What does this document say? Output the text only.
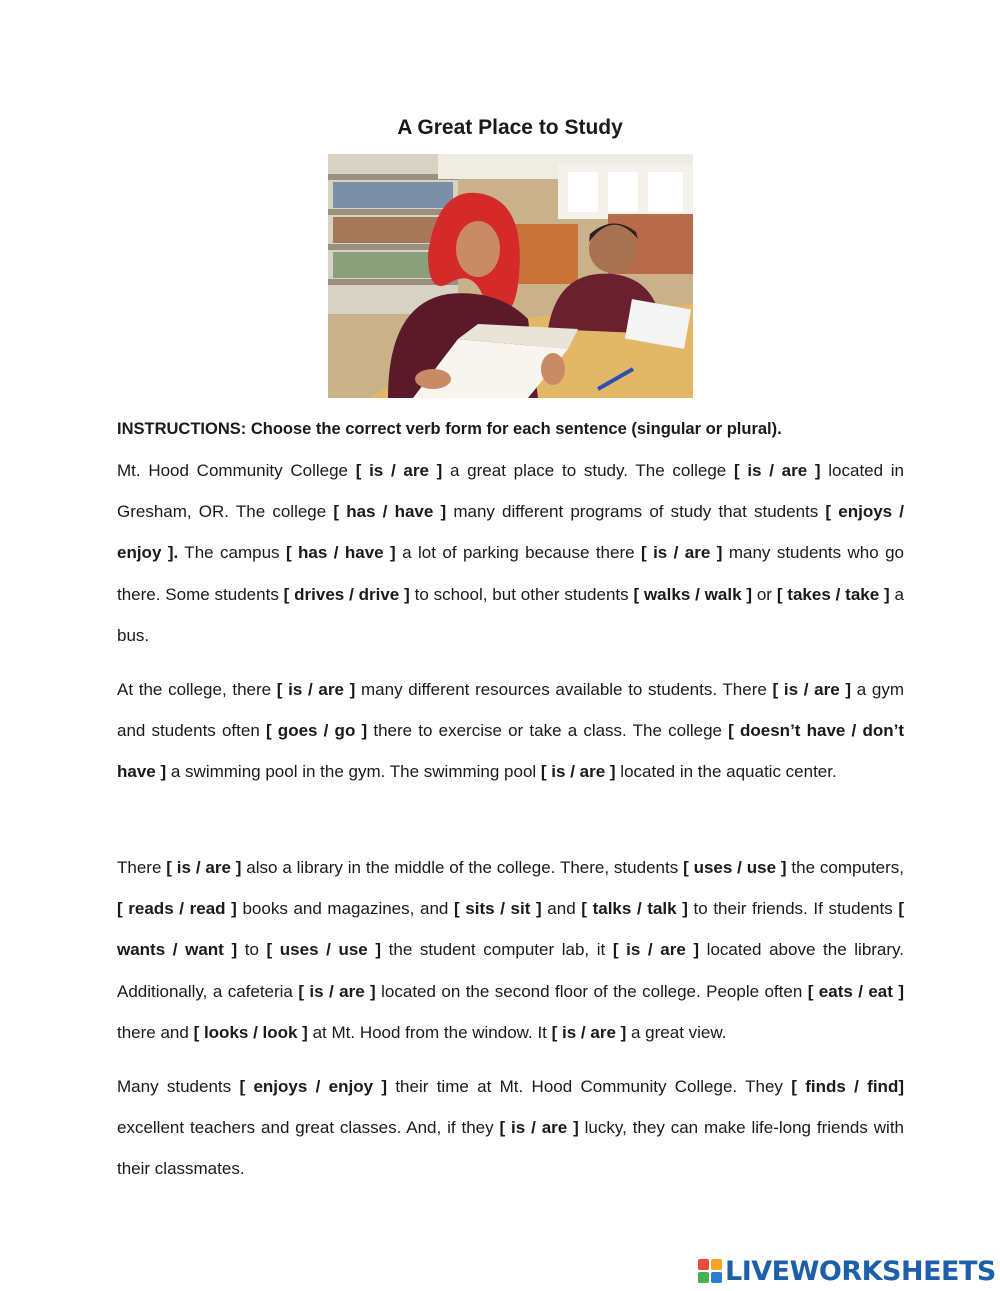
A Great Place to Study
INSTRUCTIONS: Choose the correct verb form for each sentence (singular or plural).

Mt. Hood Community College [ is / are ] a great place to study. The college [ is / are ] located in Gresham, OR. The college [ has / have ] many different programs of study that students [ enjoys / enjoy ]. The campus [ has / have ] a lot of parking because there [ is / are ] many students who go there. Some students [ drives / drive ] to school, but other students [ walks / walk ] or [ takes / take ] a bus.

At the college, there [ is / are ] many different resources available to students. There [ is / are ] a gym and students often [ goes / go ] there to exercise or take a class. The college [ doesn’t have / don’t have ] a swimming pool in the gym. The swimming pool [ is / are ] located in the aquatic center.

There [ is / are ] also a library in the middle of the college. There, students [ uses / use ] the computers, [ reads / read ] books and magazines, and [ sits / sit ] and [ talks / talk ] to their friends. If students [ wants / want ] to [ uses / use ] the student computer lab, it [ is / are ] located above the library. Additionally, a cafeteria [ is / are ] located on the second floor of the college. People often [ eats / eat ] there and [ looks / look ] at Mt. Hood from the window. It [ is / are ] a great view.

Many students [ enjoys / enjoy ] their time at Mt. Hood Community College. They [ finds / find] excellent teachers and great classes. And, if they [ is / are ] lucky, they can make life-long friends with their classmates.

LIVEWORKSHEETS
